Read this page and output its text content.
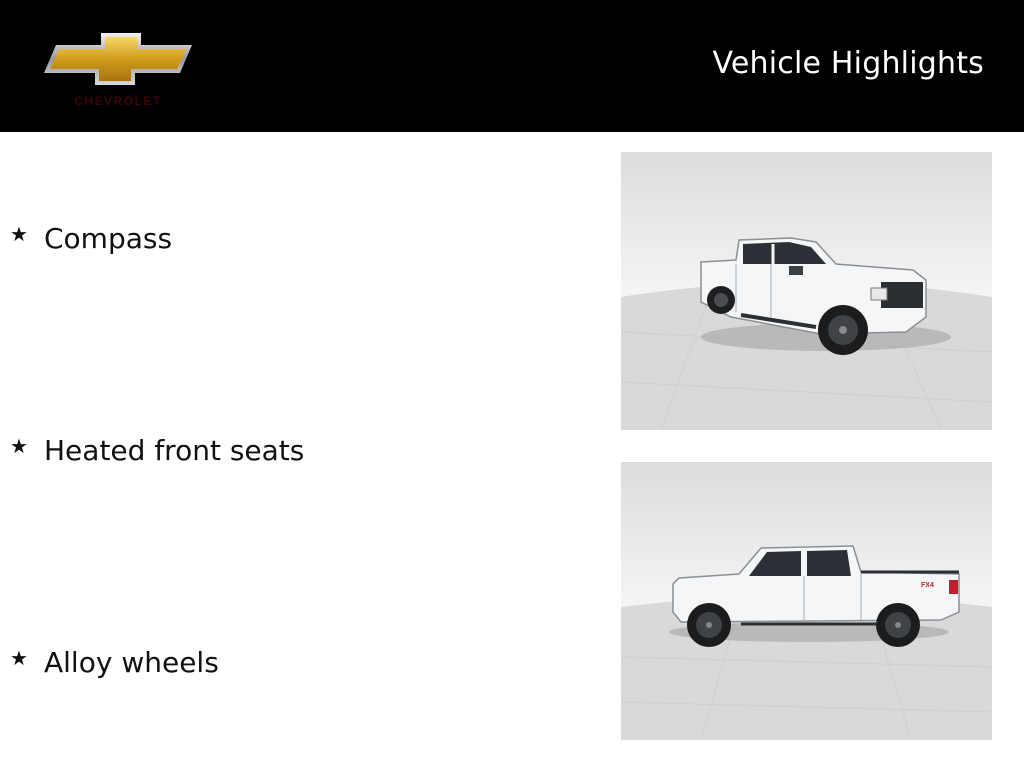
CHEVROLET
Vehicle Highlights
★ Compass
★ Heated front seats
★ Alloy wheels
FX4
